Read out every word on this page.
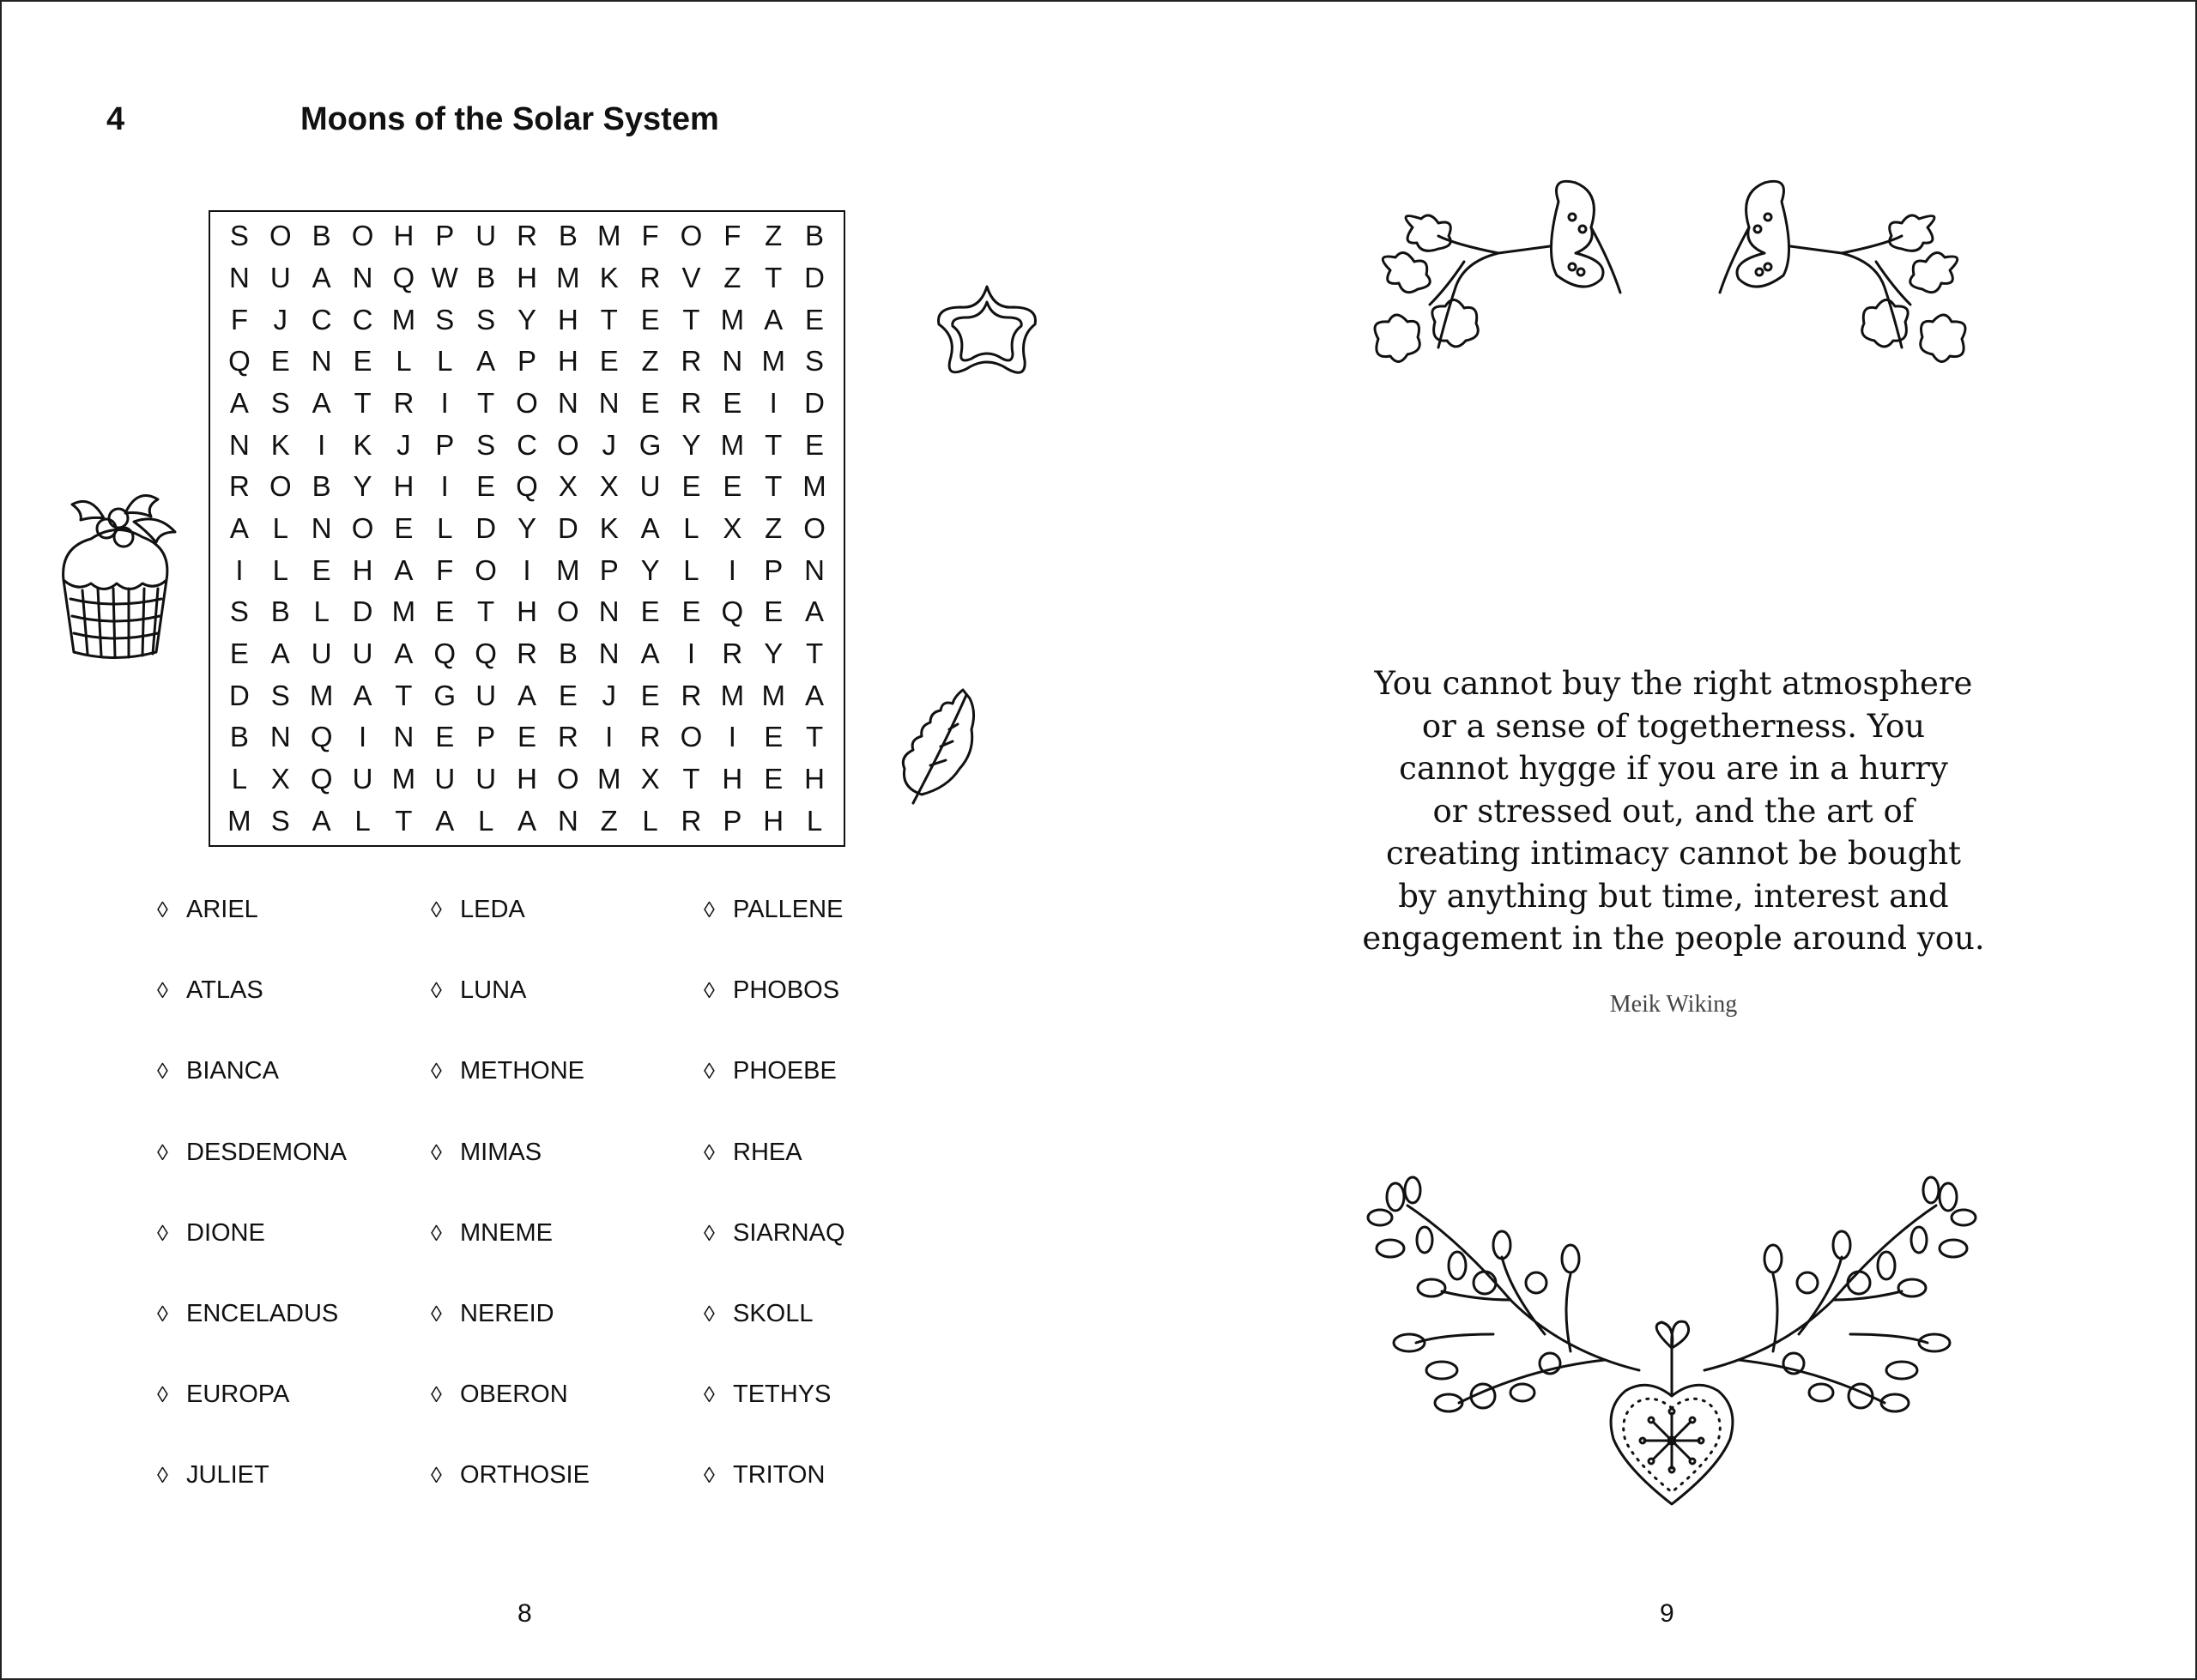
4	Moons of the Solar System
S O B O H P U R B M F O F Z B
N U A N Q W B H M K R V Z T D
F J C C M S S Y H T E T M A E
Q E N E L L A P H E Z R N M S
A S A T R I	T O N N E R E I D
N K I K J P S C O J G Y M T E
R O B Y H I E Q X X U E E T M
A L N O E L D Y D K A L X Z O
I	L E H A F O I M P Y L	I P N
S B L D M E T H O N E E Q E A
E A U U A Q Q R B N A I R Y T
D S M A T G U A E J E R M M A
B N Q I N E P E R I R O I E T
L X Q U M U U H O M X T H E H
M S A L T A L A N Z L R P H L
◊ ARIEL
◊ ATLAS
◊ BIANCA
◊ DESDEMONA
◊ DIONE
◊ ENCELADUS
◊ EUROPA
◊ JULIET
◊ LEDA
◊ LUNA
◊ METHONE
◊ MIMAS
◊ MNEME
◊ NEREID
◊ OBERON
◊ ORTHOSIE
◊ PALLENE
◊ PHOBOS
◊ PHOEBE
◊ RHEA
◊ SIARNAQ
◊ SKOLL
◊ TETHYS
◊ TRITON
You cannot buy the right atmosphere
or a sense of togetherness. You
cannot hygge if you are in a hurry
or stressed out, and the art of
creating intimacy cannot be bought
by anything but time, interest and
engagement in the people around you.
Meik Wiking
8	9
